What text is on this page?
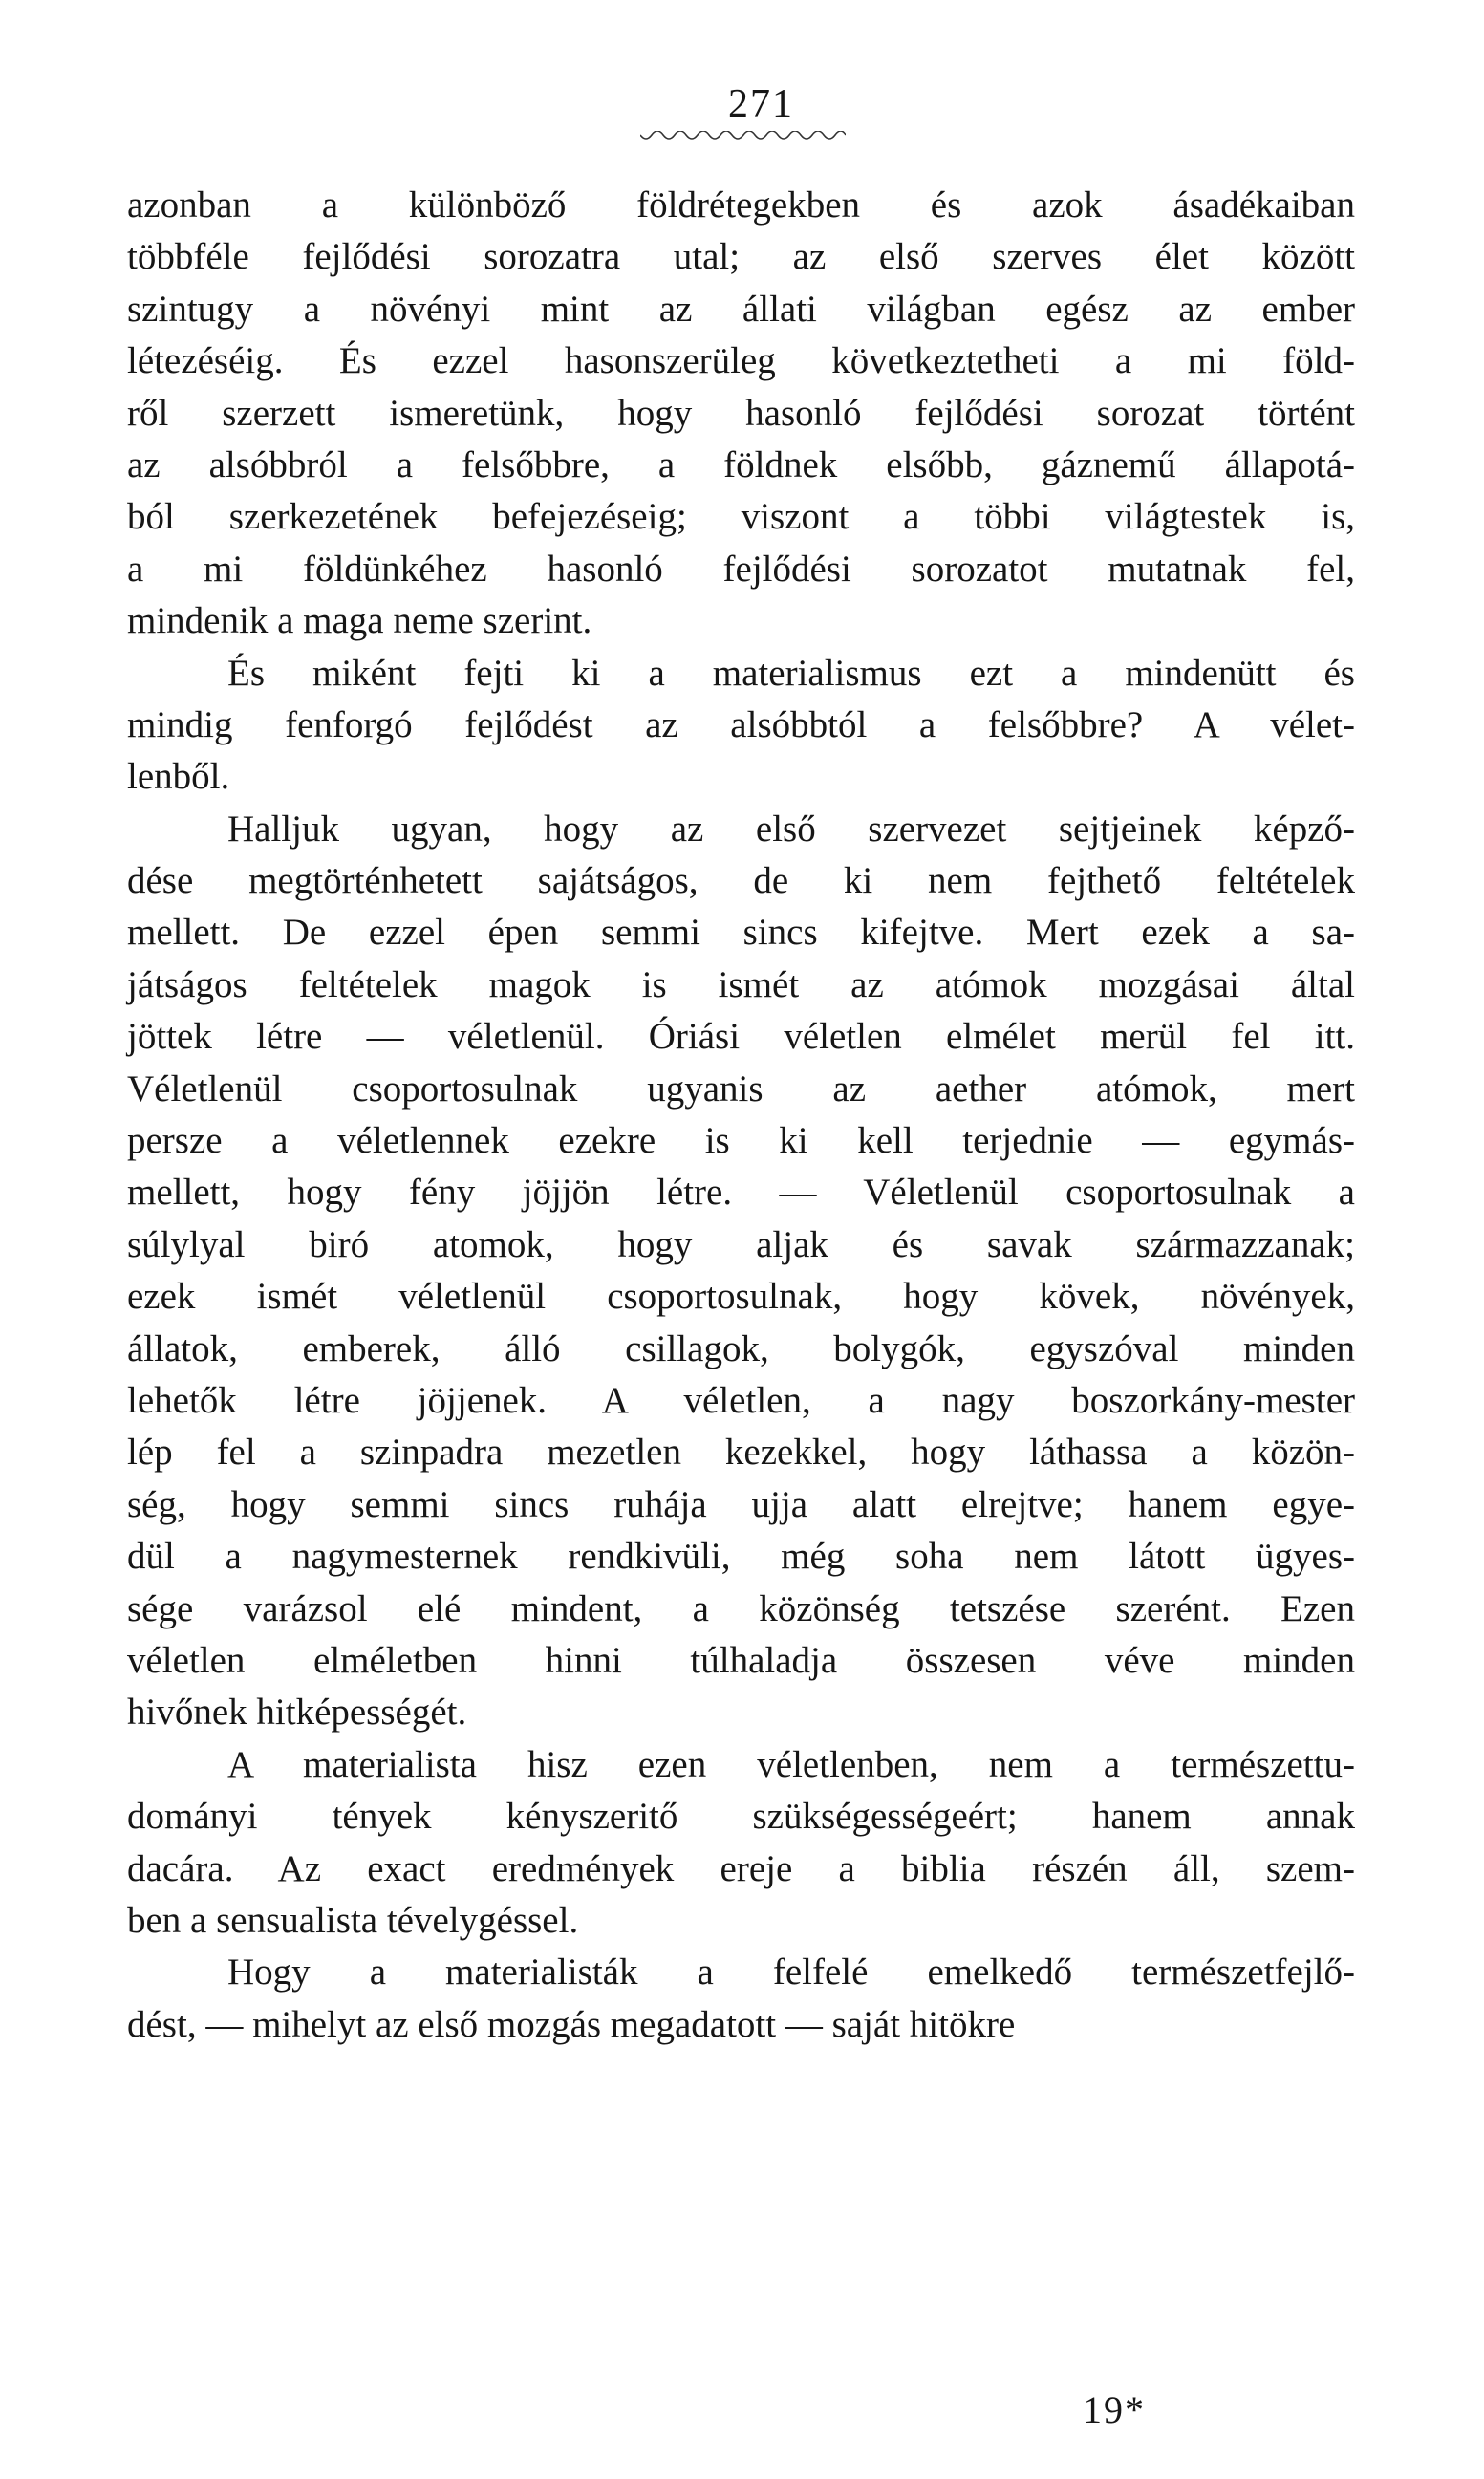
271
azonban a különböző földrétegekben és azok ásadékaiban
többféle fejlődési sorozatra utal; az első szerves élet között
szintugy a növényi mint az állati világban egész az ember
létezéséig. És ezzel hasonszerüleg következtetheti a mi föld-
ről szerzett ismeretünk, hogy hasonló fejlődési sorozat történt
az alsóbbról a felsőbbre, a földnek elsőbb, gáznemű állapotá-
ból szerkezetének befejezéseig; viszont a többi világtestek is,
a mi földünkéhez hasonló fejlődési sorozatot mutatnak fel,
mindenik a maga neme szerint.
És miként fejti ki a materialismus ezt a mindenütt és
mindig fenforgó fejlődést az alsóbbtól a felsőbbre? A vélet-
lenből.
Halljuk ugyan, hogy az első szervezet sejtjeinek képző-
dése megtörténhetett sajátságos, de ki nem fejthető feltételek
mellett. De ezzel épen semmi sincs kifejtve. Mert ezek a sa-
játságos feltételek magok is ismét az atómok mozgásai által
jöttek létre — véletlenül. Óriási véletlen elmélet merül fel itt.
Véletlenül csoportosulnak ugyanis az aether atómok, mert
persze a véletlennek ezekre is ki kell terjednie — egymás-
mellett, hogy fény jöjjön létre. — Véletlenül csoportosulnak a
súlylyal biró atomok, hogy aljak és savak származzanak;
ezek ismét véletlenül csoportosulnak, hogy kövek, növények,
állatok, emberek, álló csillagok, bolygók, egyszóval minden
lehetők létre jöjjenek. A véletlen, a nagy boszorkány-mester
lép fel a szinpadra mezetlen kezekkel, hogy láthassa a közön-
ség, hogy semmi sincs ruhája ujja alatt elrejtve; hanem egye-
dül a nagymesternek rendkivüli, még soha nem látott ügyes-
sége varázsol elé mindent, a közönség tetszése szerént. Ezen
véletlen elméletben hinni túlhaladja összesen véve minden
hivőnek hitképességét.
A materialista hisz ezen véletlenben, nem a természettu-
dományi tények kényszeritő szükségességeért; hanem annak
dacára. Az exact eredmények ereje a biblia részén áll, szem-
ben a sensualista tévelygéssel.
Hogy a materialisták a felfelé emelkedő természetfejlő-
dést, — mihelyt az első mozgás megadatott — saját hitökre
19*
